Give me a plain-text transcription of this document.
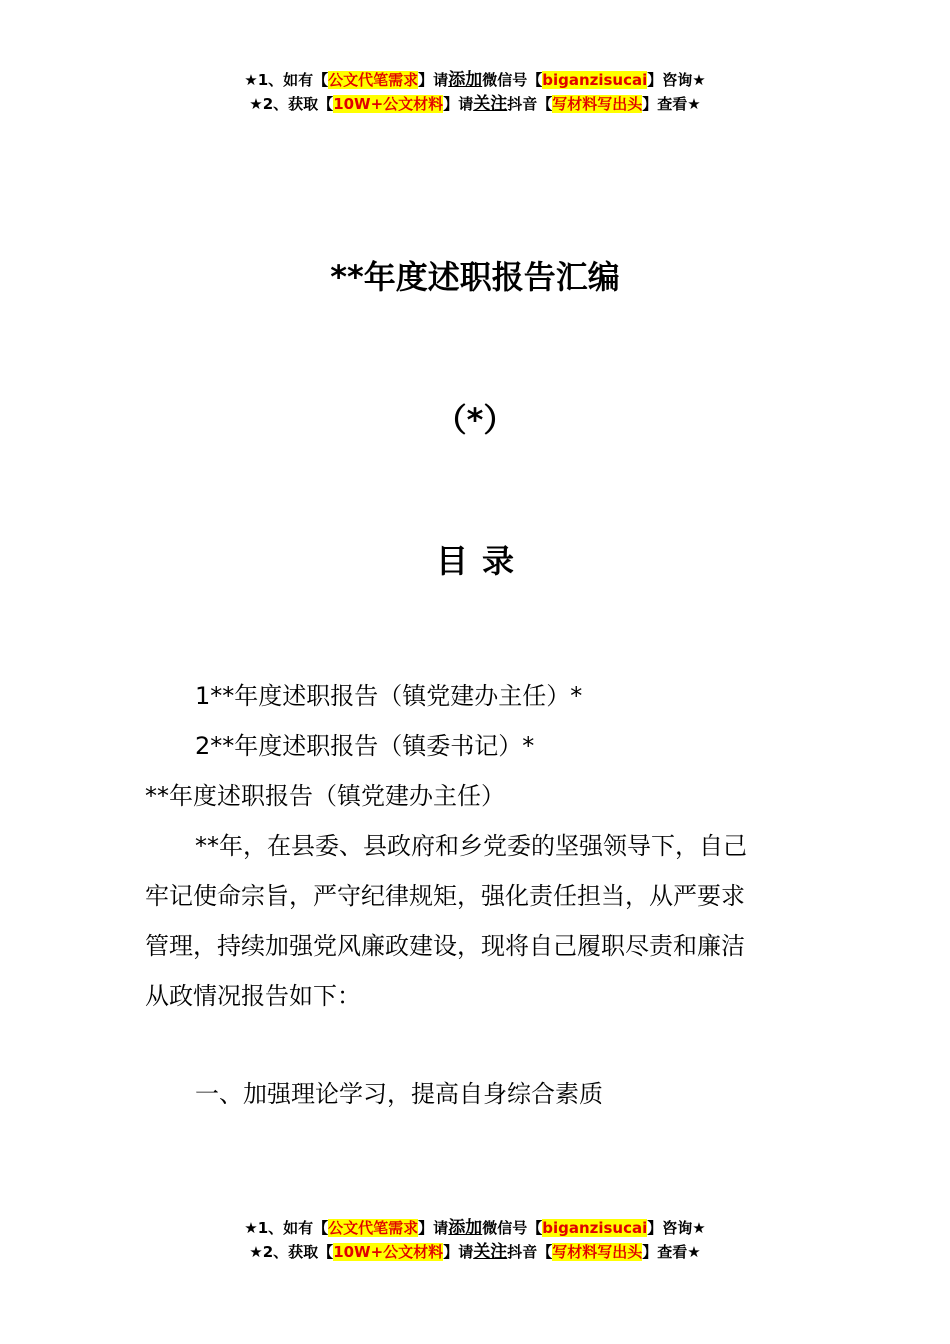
★1、如有【公文代笔需求】请添加微信号【biganzisucai】咨询★
★2、获取【10W+公文材料】请关注抖音【写材料写出头】查看★
**年度述职报告汇编
（*）
目录
1**年度述职报告（镇党建办主任）*
2**年度述职报告（镇委书记）*
**年度述职报告（镇党建办主任）
**年，在县委、县政府和乡党委的坚强领导下，自己
牢记使命宗旨，严守纪律规矩，强化责任担当，从严要求
管理，持续加强党风廉政建设，现将自己履职尽责和廉洁
从政情况报告如下：
一、加强理论学习，提高自身综合素质
★1、如有【公文代笔需求】请添加微信号【biganzisucai】咨询★
★2、获取【10W+公文材料】请关注抖音【写材料写出头】查看★
